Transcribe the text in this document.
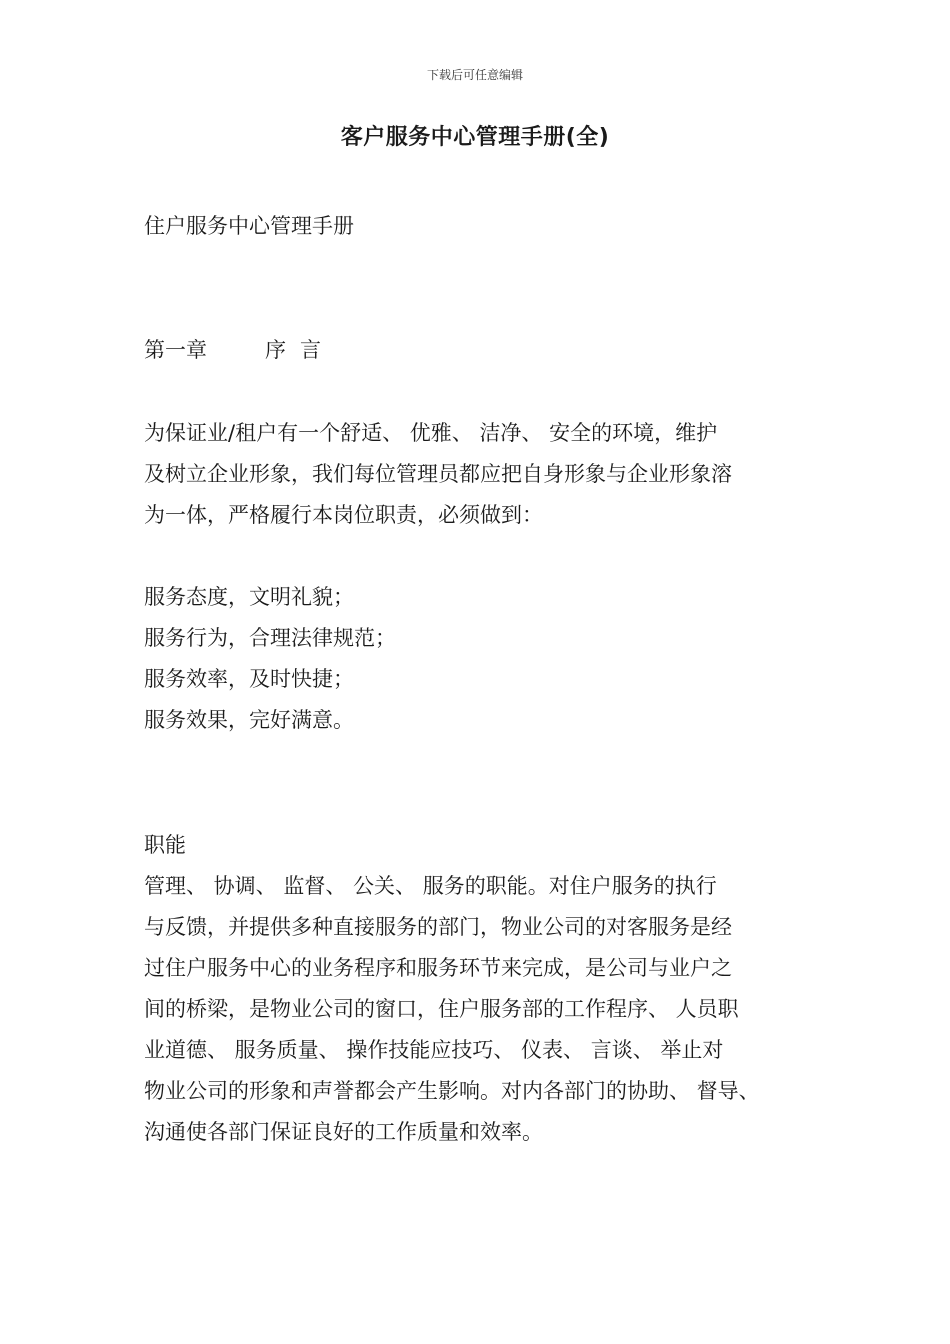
下载后可任意编辑
客户服务中心管理手册(全)
住户服务中心管理手册
第一章	序 言
为保证业/租户有一个舒适、 优雅、 洁净、 安全的环境，维护
及树立企业形象，我们每位管理员都应把自身形象与企业形象溶
为一体，严格履行本岗位职责，必须做到：
服务态度，文明礼貌；
服务行为，合理法律规范；
服务效率，及时快捷；
服务效果，完好满意。
职能
管理、 协调、 监督、 公关、 服务的职能。对住户服务的执行
与反馈，并提供多种直接服务的部门，物业公司的对客服务是经
过住户服务中心的业务程序和服务环节来完成，是公司与业户之
间的桥梁，是物业公司的窗口，住户服务部的工作程序、 人员职
业道德、 服务质量、 操作技能应技巧、 仪表、 言谈、 举止对
物业公司的形象和声誉都会产生影响。对内各部门的协助、 督导、
沟通使各部门保证良好的工作质量和效率。
